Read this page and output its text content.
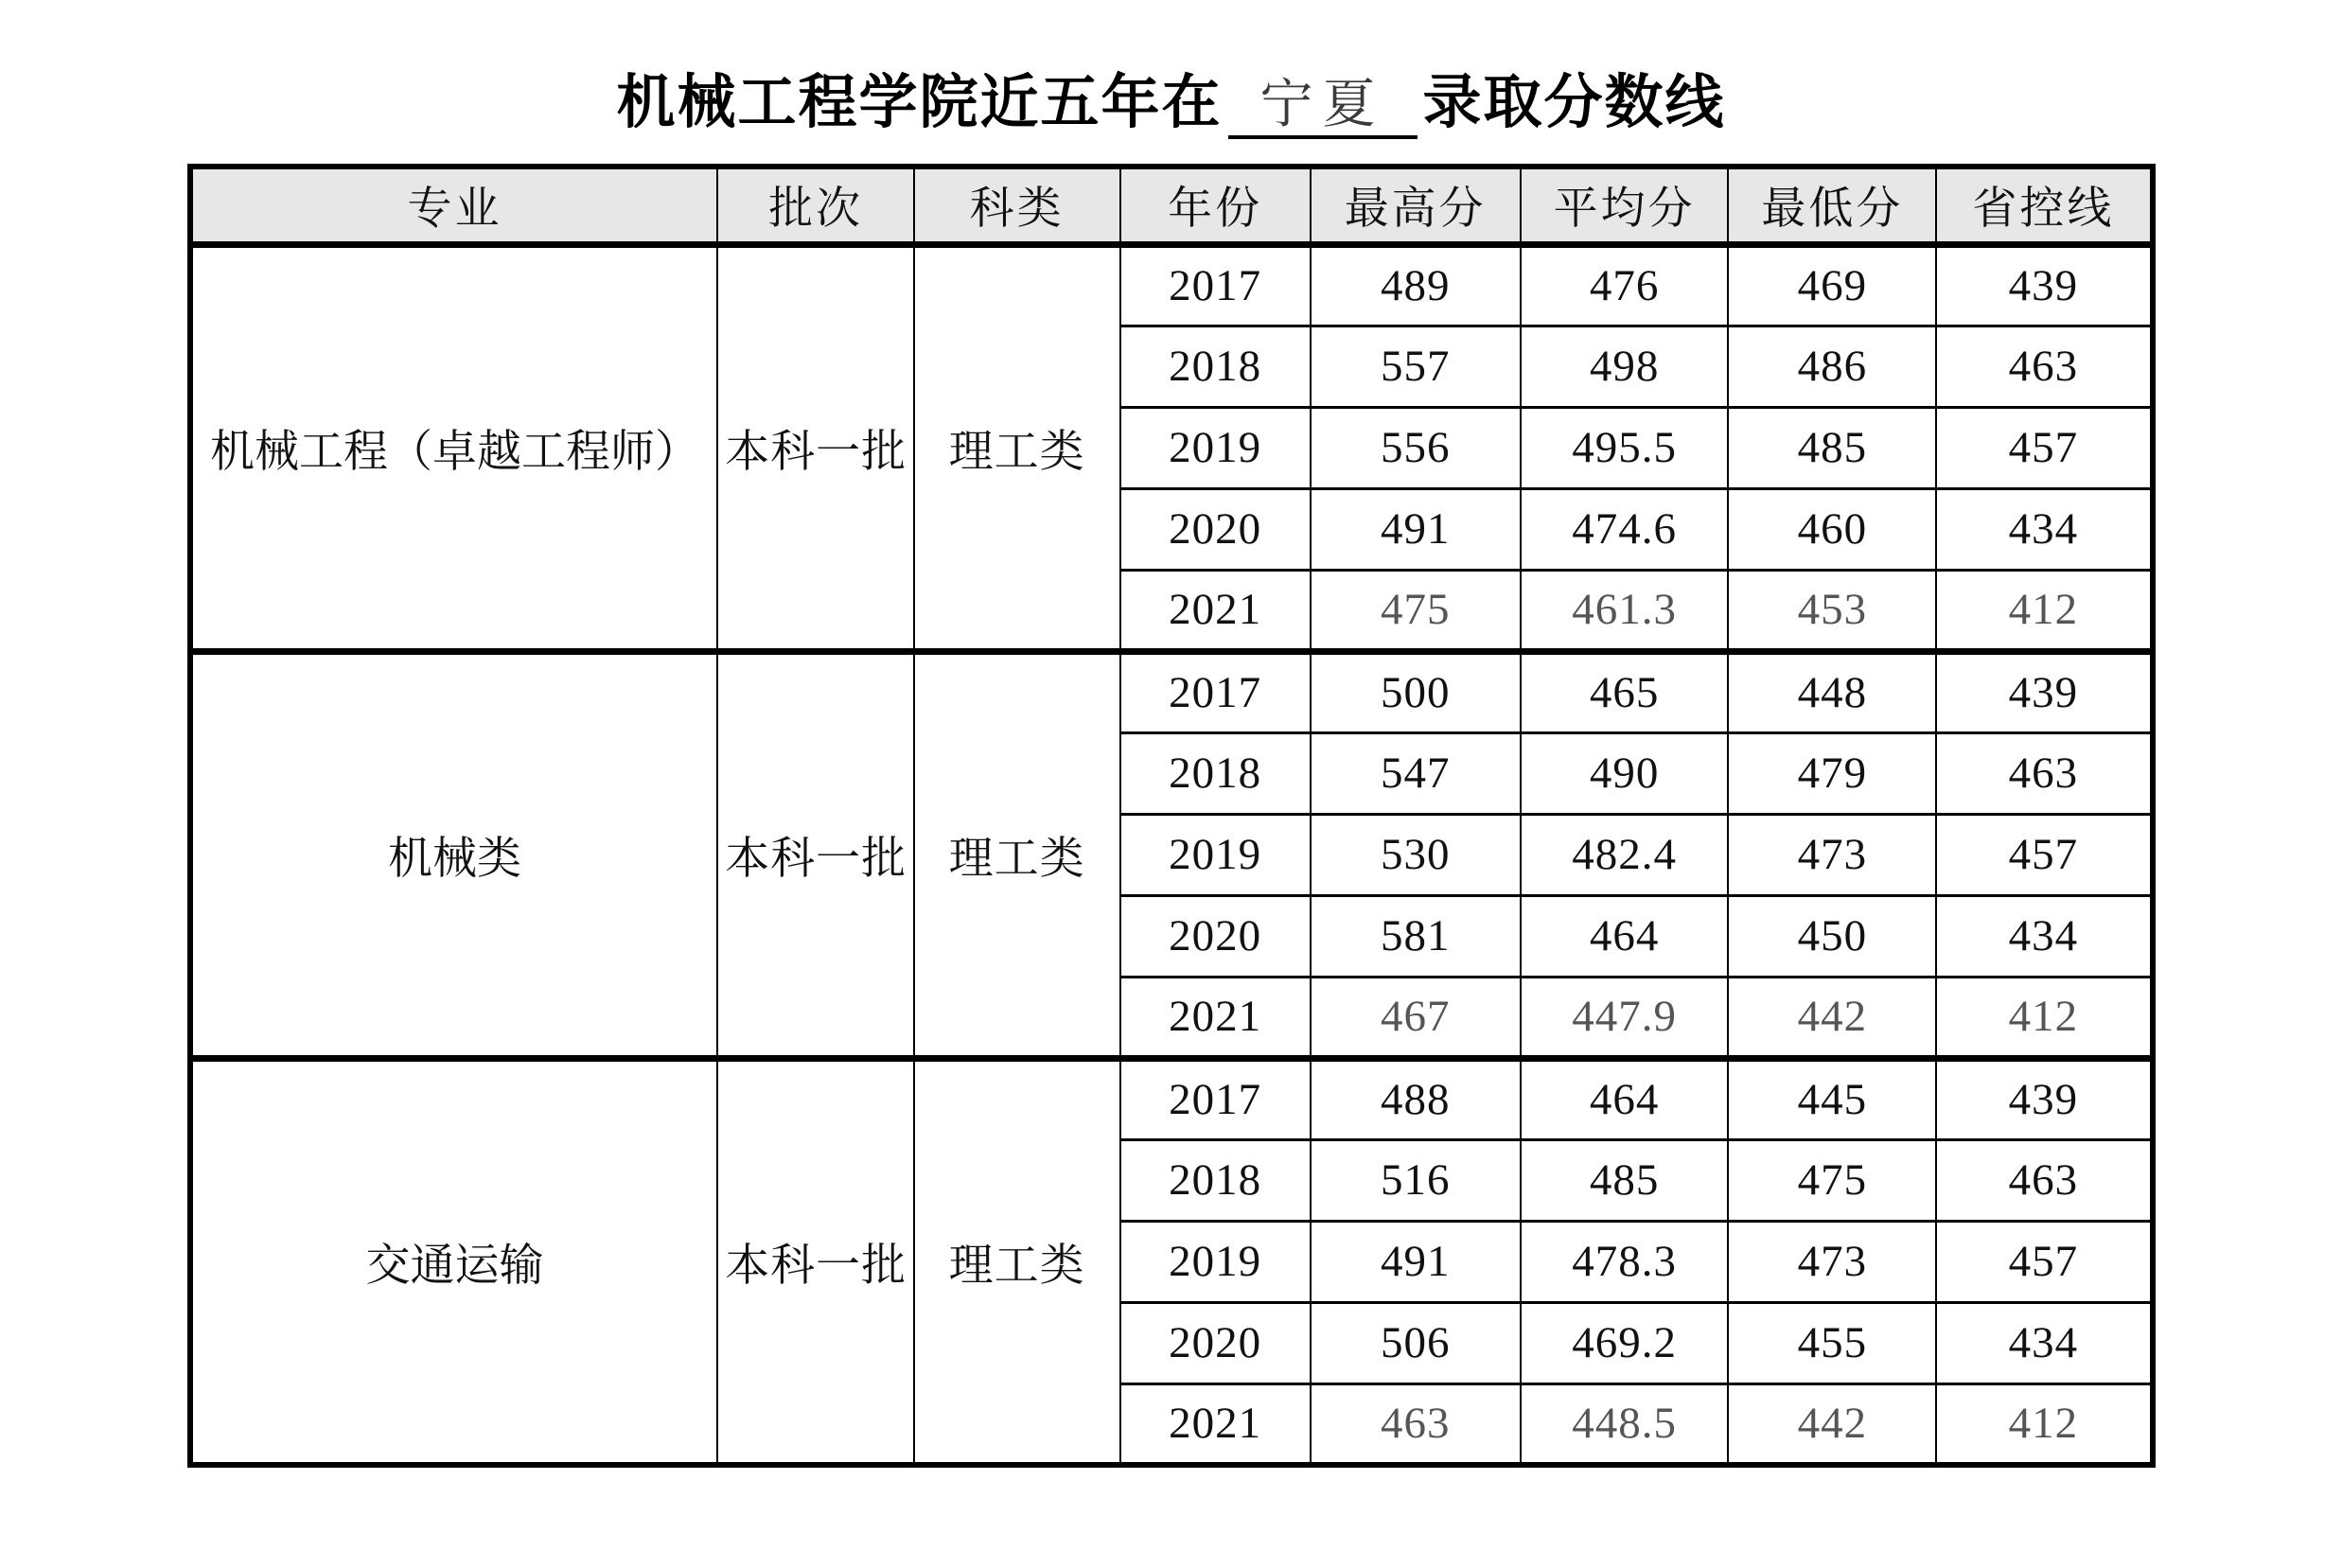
机械工程学院近五年在 宁夏 录取分数线
专业	批次	科类	年份	最高分	平均分	最低分	省控线
机械工程（卓越工程师）	本科一批	理工类	2017	489	476	469	439
			2018	557	498	486	463
			2019	556	495.5	485	457
			2020	491	474.6	460	434
			2021	475	461.3	453	412
机械类	本科一批	理工类	2017	500	465	448	439
			2018	547	490	479	463
			2019	530	482.4	473	457
			2020	581	464	450	434
			2021	467	447.9	442	412
交通运输	本科一批	理工类	2017	488	464	445	439
			2018	516	485	475	463
			2019	491	478.3	473	457
			2020	506	469.2	455	434
			2021	463	448.5	442	412
